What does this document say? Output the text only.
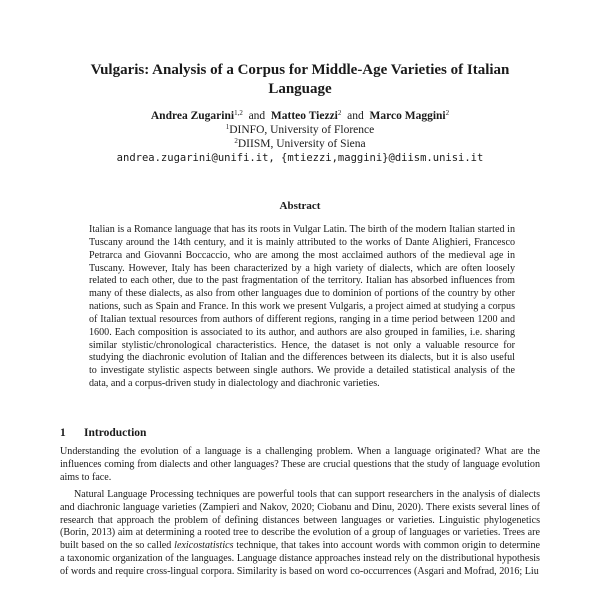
Vulgaris: Analysis of a Corpus for Middle-Age Varieties of Italian Language
Andrea Zugarini$^{1,2}$ and Matteo Tiezzi$^2$ and Marco Maggini$^2$
$^1$DINFO, University of Florence
$^2$DIISM, University of Siena
andrea.zugarini@unifi.it, {mtiezzi,maggini}@diism.unisi.it
Abstract
Italian is a Romance language that has its roots in Vulgar Latin. The birth of the modern Italian started in Tuscany around the 14th century, and it is mainly attributed to the works of Dante Alighieri, Francesco Petrarca and Giovanni Boccaccio, who are among the most acclaimed authors of the medieval age in Tuscany. However, Italy has been characterized by a high variety of dialects, which are often loosely related to each other, due to the past fragmentation of the territory. Italian has absorbed influences from many of these dialects, as also from other languages due to dominion of portions of the country by other nations, such as Spain and France. In this work we present Vulgaris, a project aimed at studying a corpus of Italian textual resources from authors of different regions, ranging in a time period between 1200 and 1600. Each composition is associated to its author, and authors are also grouped in families, i.e. sharing similar stylistic/chronological characteristics. Hence, the dataset is not only a valuable resource for studying the diachronic evolution of Italian and the differences between its dialects, but it is also useful to investigate stylistic aspects between single authors. We provide a detailed statistical analysis of the data, and a corpus-driven study in dialectology and diachronic varieties.
1 Introduction

Understanding the evolution of a language is a challenging problem. When a language originated? What are the influences coming from dialects and other languages? These are crucial questions that the study of language evolution aims to face.

Natural Language Processing techniques are powerful tools that can support researchers in the analysis of dialects and diachronic language varieties (Zampieri and Nakov, 2020; Ciobanu and Dinu, 2020). There exists several lines of research that approach the problem of defining distances between languages or varieties. Linguistic phylogenetics (Borin, 2013) aim at determining a rooted tree to describe the evolution of a group of languages or varieties. Trees are built based on the so called lexicostatistics technique, that takes into account words with common origin to determine a taxonomic organization of the languages. Language distance approaches instead rely on the distributional hypothesis of words and require cross-lingual corpora. Similarity is based on word co-occurrences (Asgari and Mofrad, 2016; Liu
